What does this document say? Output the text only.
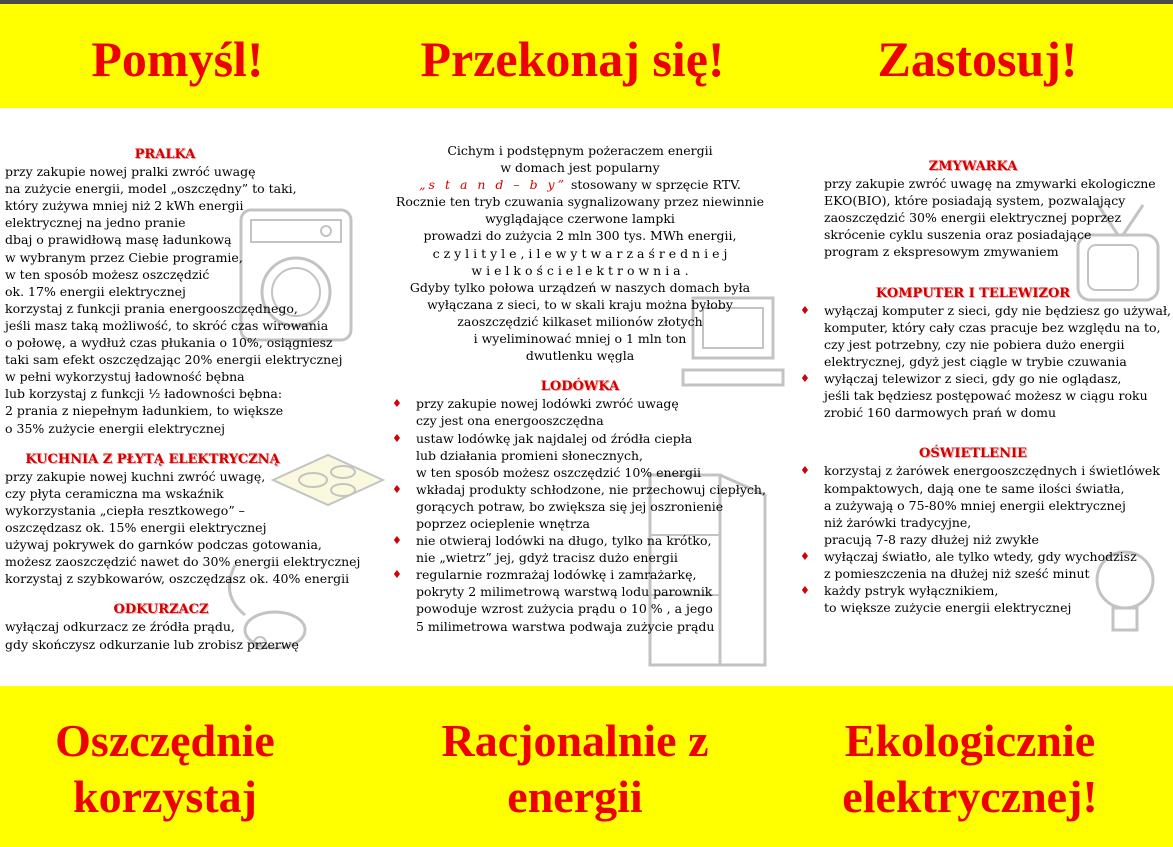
Pomyśl!	Przekonaj się!	Zastosuj!
Oszczędnie korzystaj
Racjonalnie z energii
Ekologicznie elektrycznej!
PRALKA
przy zakupie nowej pralki zwróć uwagę
na zużycie energii, model „oszczędny” to taki,
który zużywa mniej niż 2 kWh energii
elektrycznej na jedno pranie
dbaj o prawidłową masę ładunkową
w wybranym przez Ciebie programie,
w ten sposób możesz oszczędzić
ok. 17% energii elektrycznej
korzystaj z funkcji prania energooszczędnego,
jeśli masz taką możliwość, to skróć czas wirowania
o połowę, a wydłuż czas płukania o 10%, osiągniesz
taki sam efekt oszczędzając 20% energii elektrycznej
w pełni wykorzystuj ładowność bębna
lub korzystaj z funkcji ½ ładowności bębna:
2 prania z niepełnym ładunkiem, to większe
o 35% zużycie energii elektrycznej
KUCHNIA Z PŁYTĄ ELEKTRYCZNĄ
przy zakupie nowej kuchni zwróć uwagę,
czy płyta ceramiczna ma wskaźnik
wykorzystania „ciepła resztkowego” –
oszczędzasz ok. 15% energii elektrycznej
używaj pokrywek do garnków podczas gotowania,
możesz zaoszczędzić nawet do 30% energii elektrycznej
korzystaj z szybkowarów, oszczędzasz ok. 40% energii
ODKURZACZ
wyłączaj odkurzacz ze źródła prądu,
gdy skończysz odkurzanie lub zrobisz przerwę
Cichym i podstępnym pożeraczem energii
w domach jest popularny
„s t a n d – b y” stosowany w sprzęcie RTV.
Rocznie ten tryb czuwania sygnalizowany przez niewinnie
wyglądające czerwone lampki
prowadzi do zużycia 2 mln 300 tys. MWh energii,
c z y l i t y l e , i l e w y t w a r z a ś r e d n i e j
w i e l k o ś c i e l e k t r o w n i a .
Gdyby tylko połowa urządzeń w naszych domach była
wyłączana z sieci, to w skali kraju można byłoby
zaoszczędzić kilkaset milionów złotych
i wyeliminować mniej o 1 mln ton
dwutlenku węgla
LODÓWKA
♦ przy zakupie nowej lodówki zwróć uwagę
czy jest ona energooszczędna
♦ ustaw lodówkę jak najdalej od źródła ciepła
lub działania promieni słonecznych,
w ten sposób możesz oszczędzić 10% energii
♦ wkładaj produkty schłodzone, nie przechowuj ciepłych,
gorących potraw, bo zwiększa się jej oszronienie
poprzez ocieplenie wnętrza
♦ nie otwieraj lodówki na długo, tylko na krótko,
nie „wietrz” jej, gdyż tracisz dużo energii
♦ regularnie rozmrażaj lodówkę i zamrażarkę,
pokryty 2 milimetrową warstwą lodu parownik
powoduje wzrost zużycia prądu o 10 % , a jego
5 milimetrowa warstwa podwaja zużycie prądu
ZMYWARKA
przy zakupie zwróć uwagę na zmywarki ekologiczne
EKO(BIO), które posiadają system, pozwalający
zaoszczędzić 30% energii elektrycznej poprzez
skrócenie cyklu suszenia oraz posiadające
program z ekspresowym zmywaniem
KOMPUTER I TELEWIZOR
♦ wyłączaj komputer z sieci, gdy nie będziesz go używał,
komputer, który cały czas pracuje bez względu na to,
czy jest potrzebny, czy nie pobiera dużo energii
elektrycznej, gdyż jest ciągle w trybie czuwania
♦ wyłączaj telewizor z sieci, gdy go nie oglądasz,
jeśli tak będziesz postępować możesz w ciągu roku
zrobić 160 darmowych prań w domu
OŚWIETLENIE
♦ korzystaj z żarówek energooszczędnych i świetlówek
kompaktowych, dają one te same ilości światła,
a zużywają o 75-80% mniej energii elektrycznej
niż żarówki tradycyjne,
pracują 7-8 razy dłużej niż zwykłe
♦ wyłączaj światło, ale tylko wtedy, gdy wychodzisz
z pomieszczenia na dłużej niż sześć minut
♦ każdy pstryk wyłącznikiem,
to większe zużycie energii elektrycznej
